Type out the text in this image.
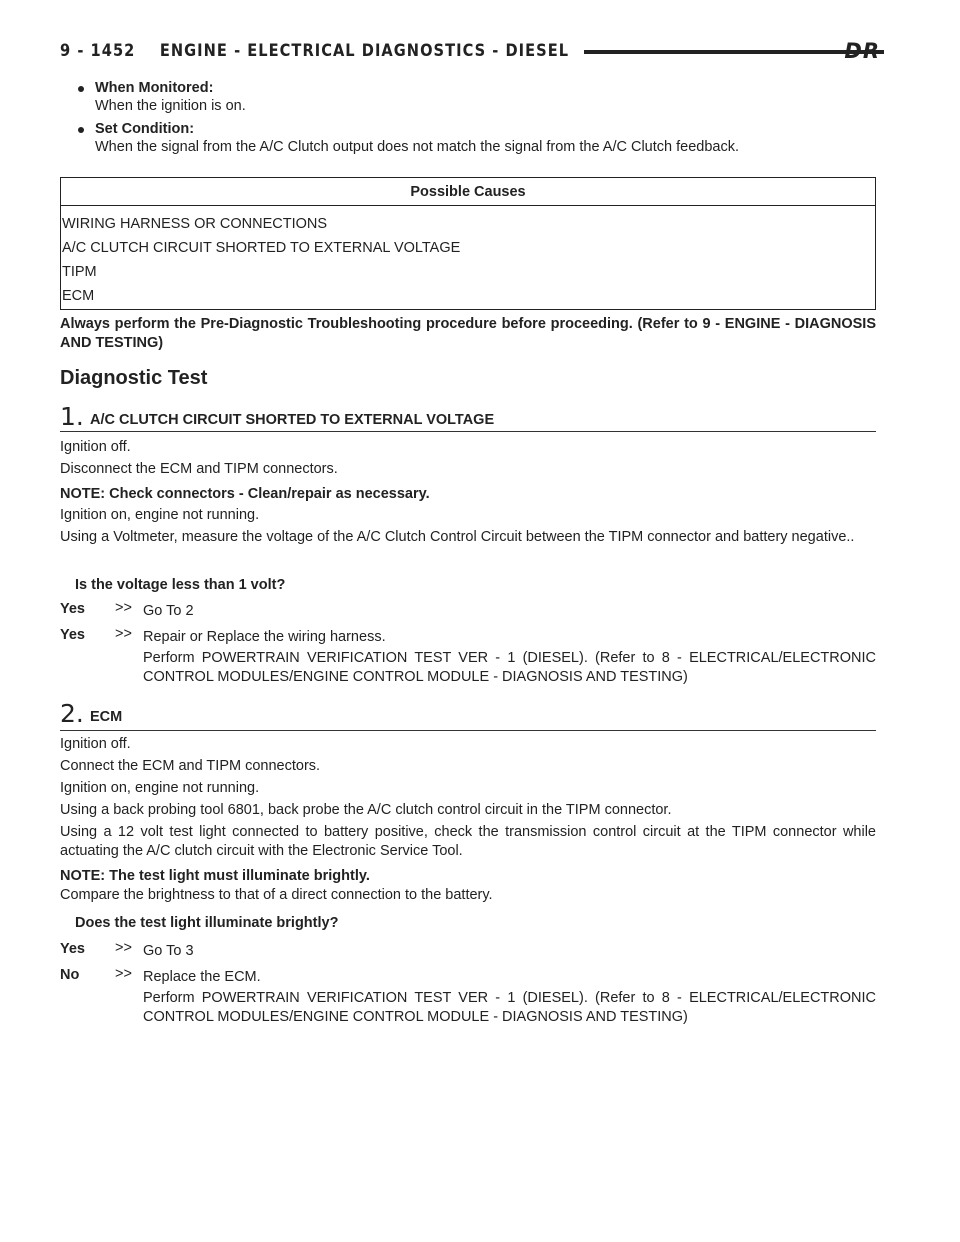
9 - 1452 ENGINE - ELECTRICAL DIAGNOSTICS - DIESEL	DR
When Monitored:
When the ignition is on.
Set Condition:
When the signal from the A/C Clutch output does not match the signal from the A/C Clutch feedback.
Possible Causes
WIRING HARNESS OR CONNECTIONS
A/C CLUTCH CIRCUIT SHORTED TO EXTERNAL VOLTAGE
TIPM
ECM
Always perform the Pre-Diagnostic Troubleshooting procedure before proceeding. (Refer to 9 - ENGINE - DIAGNOSIS AND TESTING)
Diagnostic Test
1. A/C CLUTCH CIRCUIT SHORTED TO EXTERNAL VOLTAGE
Ignition off.
Disconnect the ECM and TIPM connectors.
NOTE: Check connectors - Clean/repair as necessary.
Ignition on, engine not running.
Using a Voltmeter, measure the voltage of the A/C Clutch Control Circuit between the TIPM connector and battery negative..
Is the voltage less than 1 volt?
Yes >> Go To 2
Yes >> Repair or Replace the wiring harness.
Perform POWERTRAIN VERIFICATION TEST VER - 1 (DIESEL). (Refer to 8 - ELECTRICAL/ELECTRONIC CONTROL MODULES/ENGINE CONTROL MODULE - DIAGNOSIS AND TESTING)
2. ECM
Ignition off.
Connect the ECM and TIPM connectors.
Ignition on, engine not running.
Using a back probing tool 6801, back probe the A/C clutch control circuit in the TIPM connector.
Using a 12 volt test light connected to battery positive, check the transmission control circuit at the TIPM connector while actuating the A/C clutch circuit with the Electronic Service Tool.
NOTE: The test light must illuminate brightly.
Compare the brightness to that of a direct connection to the battery.
Does the test light illuminate brightly?
Yes >> Go To 3
No >> Replace the ECM.
Perform POWERTRAIN VERIFICATION TEST VER - 1 (DIESEL). (Refer to 8 - ELECTRICAL/ELECTRONIC CONTROL MODULES/ENGINE CONTROL MODULE - DIAGNOSIS AND TESTING)
